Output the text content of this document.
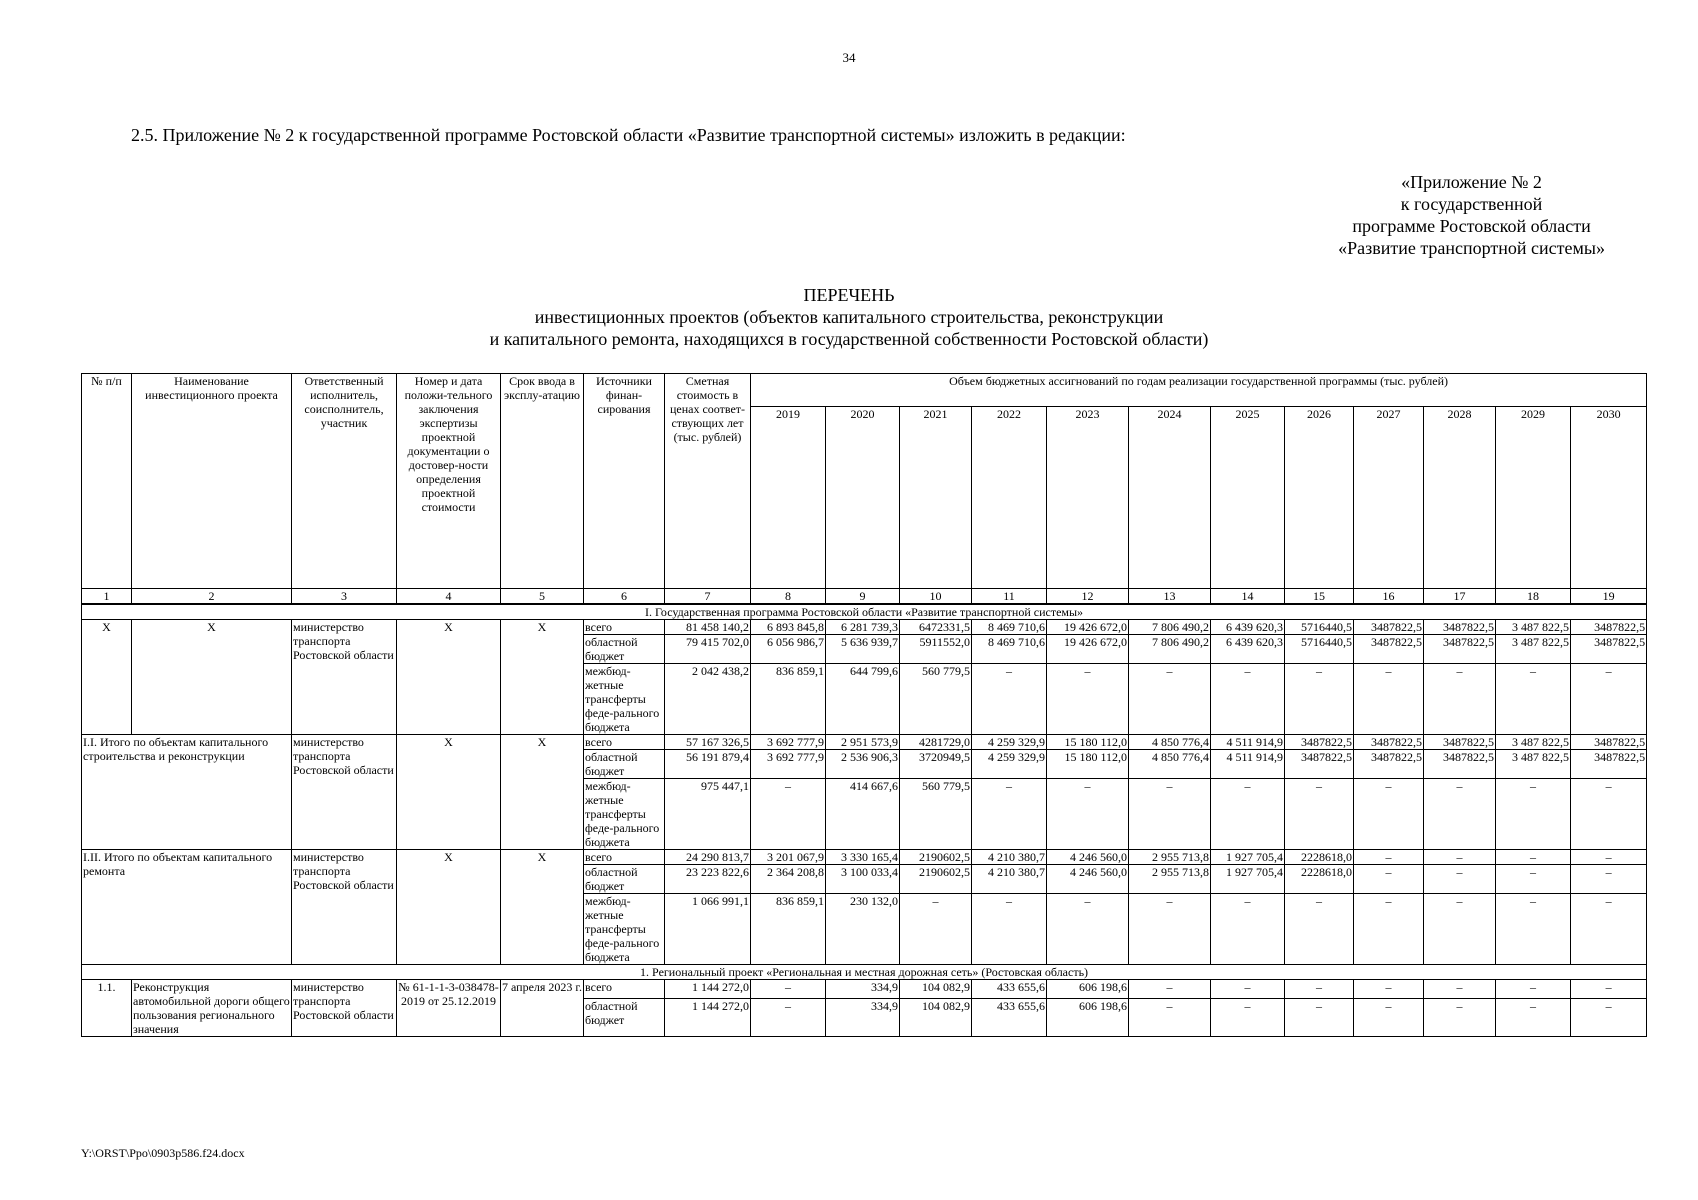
34
2.5. Приложение № 2 к государственной программе Ростовской области «Развитие транспортной системы» изложить в редакции:
«Приложение № 2
к государственной
программе Ростовской области
«Развитие транспортной системы»
ПЕРЕЧЕНЬ
инвестиционных проектов (объектов капитального строительства, реконструкции
и капитального ремонта, находящихся в государственной собственности Ростовской области)
№ п/п	Наименование инвестиционного проекта	Ответственный исполнитель, соисполнитель, участник	Номер и дата положи-тельного заключения экспертизы проектной документации о достовер-ности определения проектной стоимости	Срок ввода в эксплу-атацию	Источники финан-сирования	Сметная стоимость в ценах соответ-ствующих лет (тыс. рублей)	Объем бюджетных ассигнований по годам реализации государственной программы (тыс. рублей)											
							2019	2020	2021	2022	2023	2024	2025	2026	2027	2028	2029	2030
1	2	3	4	5	6	7	8	9	10	11	12	13	14	15	16	17	18	19
I. Государственная программа Ростовской области «Развитие транспортной системы»																		
X	X	министерство транспорта Ростовской области	X	X	всего	81 458 140,2	6 893 845,8	6 281 739,3	6472331,5	8 469 710,6	19 426 672,0	7 806 490,2	6 439 620,3	5716440,5	3487822,5	3487822,5	3 487 822,5	3487822,5
					областной бюджет	79 415 702,0	6 056 986,7	5 636 939,7	5911552,0	8 469 710,6	19 426 672,0	7 806 490,2	6 439 620,3	5716440,5	3487822,5	3487822,5	3 487 822,5	3487822,5
					межбюд-жетные трансферты феде-рального бюджета	2 042 438,2	836 859,1	644 799,6	560 779,5	–	–	–	–	–	–	–	–	–
I.I. Итого по объектам капитального строительства и реконструкции		министерство транспорта Ростовской области	X	X	всего	57 167 326,5	3 692 777,9	2 951 573,9	4281729,0	4 259 329,9	15 180 112,0	4 850 776,4	4 511 914,9	3487822,5	3487822,5	3487822,5	3 487 822,5	3487822,5
					областной бюджет	56 191 879,4	3 692 777,9	2 536 906,3	3720949,5	4 259 329,9	15 180 112,0	4 850 776,4	4 511 914,9	3487822,5	3487822,5	3487822,5	3 487 822,5	3487822,5
					межбюд-жетные трансферты феде-рального бюджета	975 447,1	–	414 667,6	560 779,5	–	–	–	–	–	–	–	–	–
I.II. Итого по объектам капитального ремонта		министерство транспорта Ростовской области	X	X	всего	24 290 813,7	3 201 067,9	3 330 165,4	2190602,5	4 210 380,7	4 246 560,0	2 955 713,8	1 927 705,4	2228618,0	–	–	–	–
					областной бюджет	23 223 822,6	2 364 208,8	3 100 033,4	2190602,5	4 210 380,7	4 246 560,0	2 955 713,8	1 927 705,4	2228618,0	–	–	–	–
					межбюд-жетные трансферты феде-рального бюджета	1 066 991,1	836 859,1	230 132,0	–	–	–	–	–	–	–	–	–	–
1. Региональный проект «Региональная и местная дорожная сеть» (Ростовская область)																		
1.1.	Реконструкция автомобильной дороги общего пользования регионального значения	министерство транспорта Ростовской области	№ 61-1-1-3-038478-2019 от 25.12.2019	7 апреля 2023 г.	всего	1 144 272,0	–	334,9	104 082,9	433 655,6	606 198,6	–	–	–	–	–	–	–
					областной бюджет	1 144 272,0	–	334,9	104 082,9	433 655,6	606 198,6	–	–	–	–	–	–	–
Y:\ORST\Ppo\0903p586.f24.docx
